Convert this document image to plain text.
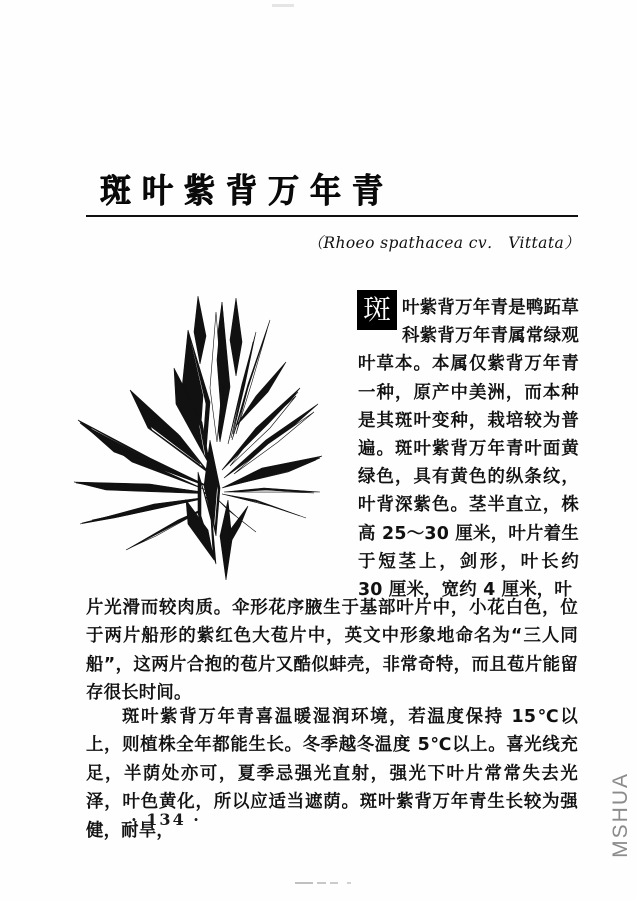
斑叶紫背万年青
（Rhoeo spathacea cv． Vittata）
斑 叶紫背万年青是鸭跖草科紫背万年青属常绿观叶草本。本属仅紫背万年青一种，原产中美洲，而本种是其斑叶变种，栽培较为普遍。斑叶紫背万年青叶面黄绿色，具有黄色的纵条纹，叶背深紫色。茎半直立，株高 25～30 厘米，叶片着生于短茎上，剑形，叶长约 30 厘米，宽约 4 厘米，叶
片光滑而较肉质。伞形花序腋生于基部叶片中，小花白色，位于两片船形的紫红色大苞片中，英文中形象地命名为“三人同船”，这两片合抱的苞片又酷似蚌壳，非常奇特，而且苞片能留存很长时间。
斑叶紫背万年青喜温暖湿润环境，若温度保持 15℃以上，则植株全年都能生长。冬季越冬温度 5℃以上。喜光线充足，半荫处亦可，夏季忌强光直射，强光下叶片常常失去光泽，叶色黄化，所以应适当遮荫。斑叶紫背万年青生长较为强健，耐旱，
· 134 ·	MSHUA
